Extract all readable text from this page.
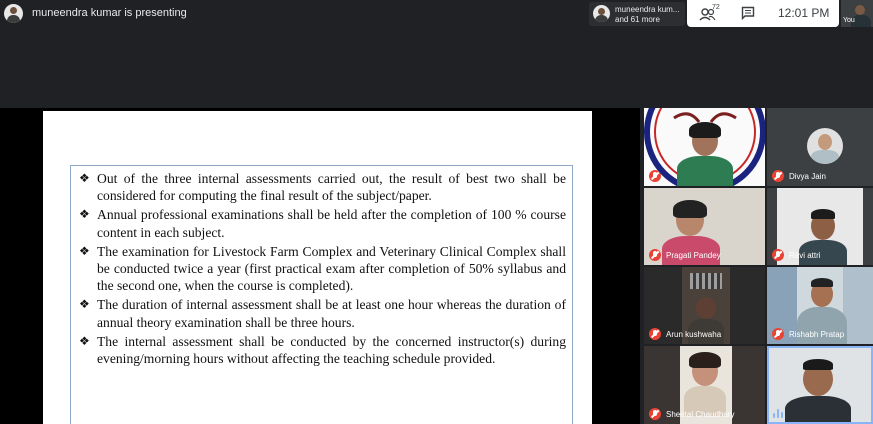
muneendra kumar is presenting	muneendra kum...
and 61 more
72	12:01 PM
You
❖ Out of the three internal assessments carried out, the result of best two shall be considered for computing the final result of the subject/paper.
❖ Annual professional examinations shall be held after the completion of 100 % course content in each subject.
❖ The examination for Livestock Farm Complex and Veterinary Clinical Complex shall be conducted twice a year (first practical exam after completion of 50% syllabus and the second one, when the course is completed).
❖ The duration of internal assessment shall be at least one hour whereas the duration of annual theory examination shall be three hours.
❖ The internal assessment shall be conducted by the concerned instructor(s) during evening/morning hours without affecting the teaching schedule provided.
Divya Jain
Pragati Pandey	Ravi attri
Arun kushwaha	Rishabh Pratap
Sheetal Chaudhary
